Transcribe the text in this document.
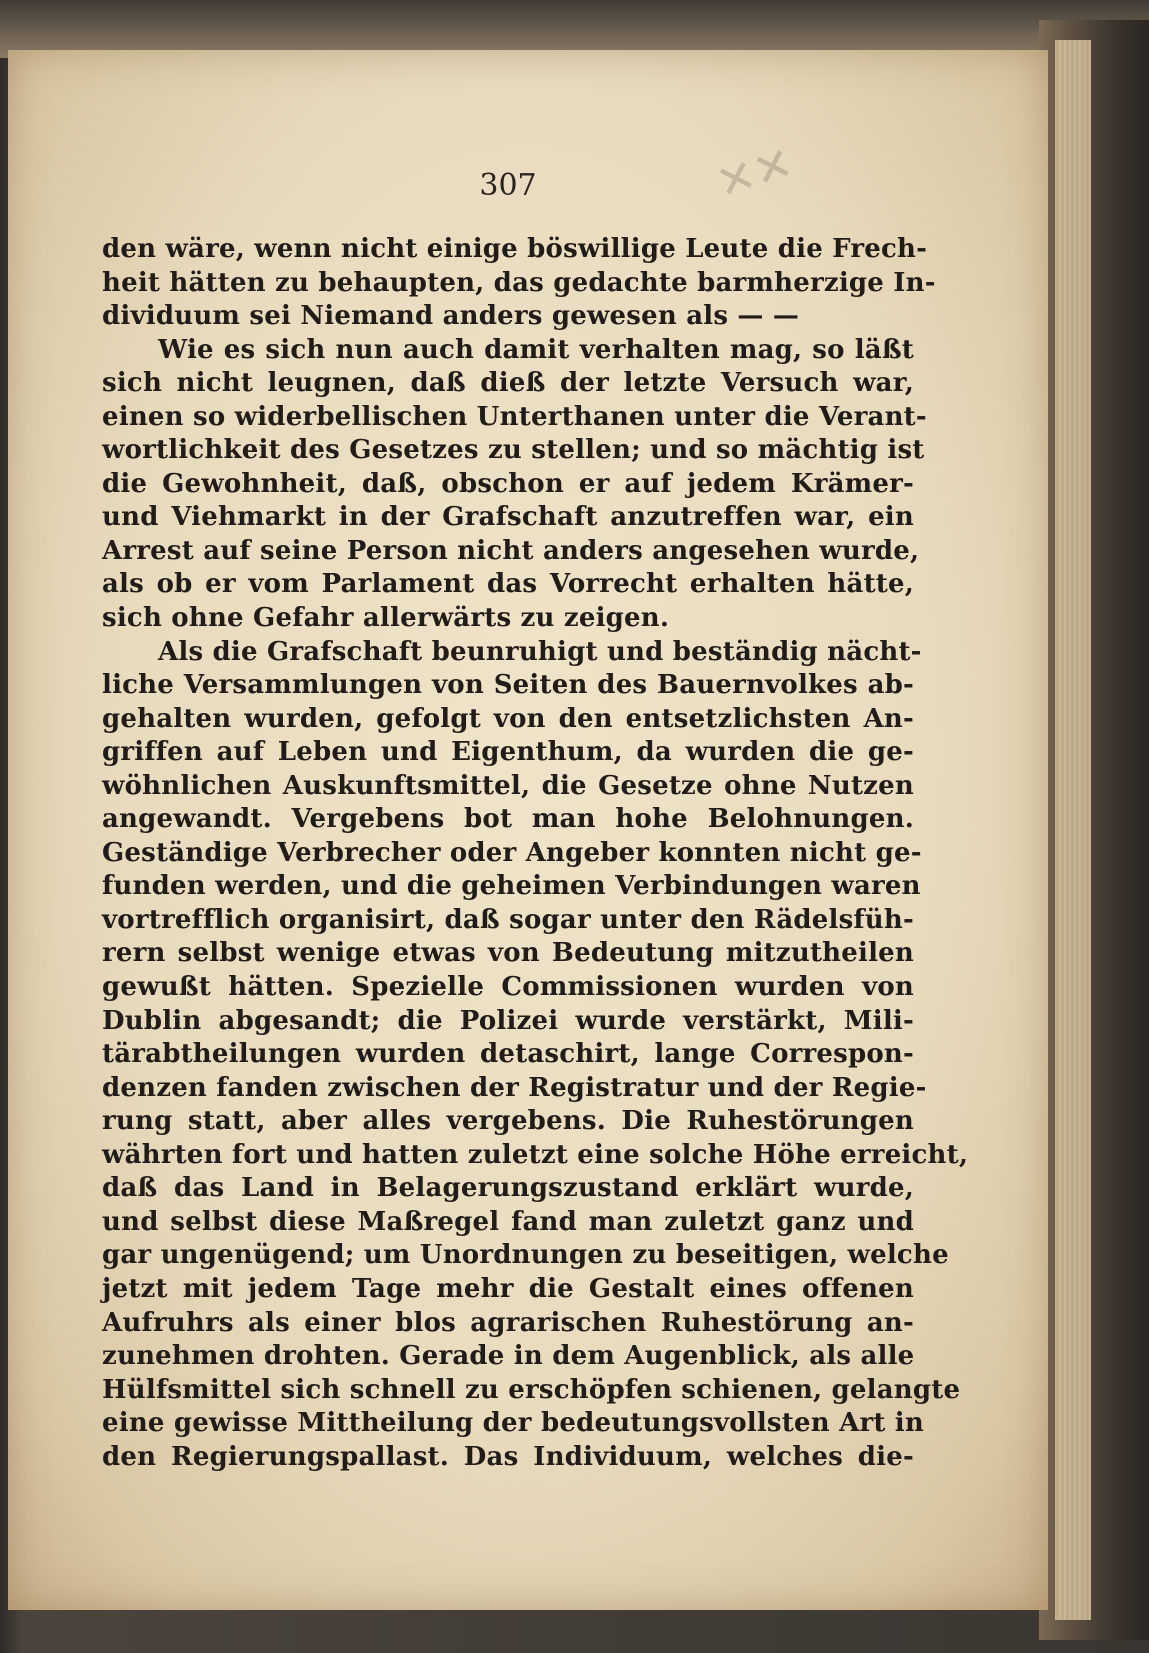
✕✕
307
den wäre, wenn nicht einige böswillige Leute die Frech-
heit hätten zu behaupten, das gedachte barmherzige In-
dividuum sei Niemand anders gewesen als — —
Wie es sich nun auch damit verhalten mag, so läßt
sich nicht leugnen, daß dieß der letzte Versuch war,
einen so widerbellischen Unterthanen unter die Verant-
wortlichkeit des Gesetzes zu stellen; und so mächtig ist
die Gewohnheit, daß, obschon er auf jedem Krämer-
und Viehmarkt in der Grafschaft anzutreffen war, ein
Arrest auf seine Person nicht anders angesehen wurde,
als ob er vom Parlament das Vorrecht erhalten hätte,
sich ohne Gefahr allerwärts zu zeigen.
Als die Grafschaft beunruhigt und beständig nächt-
liche Versammlungen von Seiten des Bauernvolkes ab-
gehalten wurden, gefolgt von den entsetzlichsten An-
griffen auf Leben und Eigenthum, da wurden die ge-
wöhnlichen Auskunftsmittel, die Gesetze ohne Nutzen
angewandt. Vergebens bot man hohe Belohnungen.
Geständige Verbrecher oder Angeber konnten nicht ge-
funden werden, und die geheimen Verbindungen waren
vortrefflich organisirt, daß sogar unter den Rädelsfüh-
rern selbst wenige etwas von Bedeutung mitzutheilen
gewußt hätten. Spezielle Commissionen wurden von
Dublin abgesandt; die Polizei wurde verstärkt, Mili-
tärabtheilungen wurden detaschirt, lange Correspon-
denzen fanden zwischen der Registratur und der Regie-
rung statt, aber alles vergebens. Die Ruhestörungen
währten fort und hatten zuletzt eine solche Höhe erreicht,
daß das Land in Belagerungszustand erklärt wurde,
und selbst diese Maßregel fand man zuletzt ganz und
gar ungenügend; um Unordnungen zu beseitigen, welche
jetzt mit jedem Tage mehr die Gestalt eines offenen
Aufruhrs als einer blos agrarischen Ruhestörung an-
zunehmen drohten. Gerade in dem Augenblick, als alle
Hülfsmittel sich schnell zu erschöpfen schienen, gelangte
eine gewisse Mittheilung der bedeutungsvollsten Art in
den Regierungspallast. Das Individuum, welches die-
